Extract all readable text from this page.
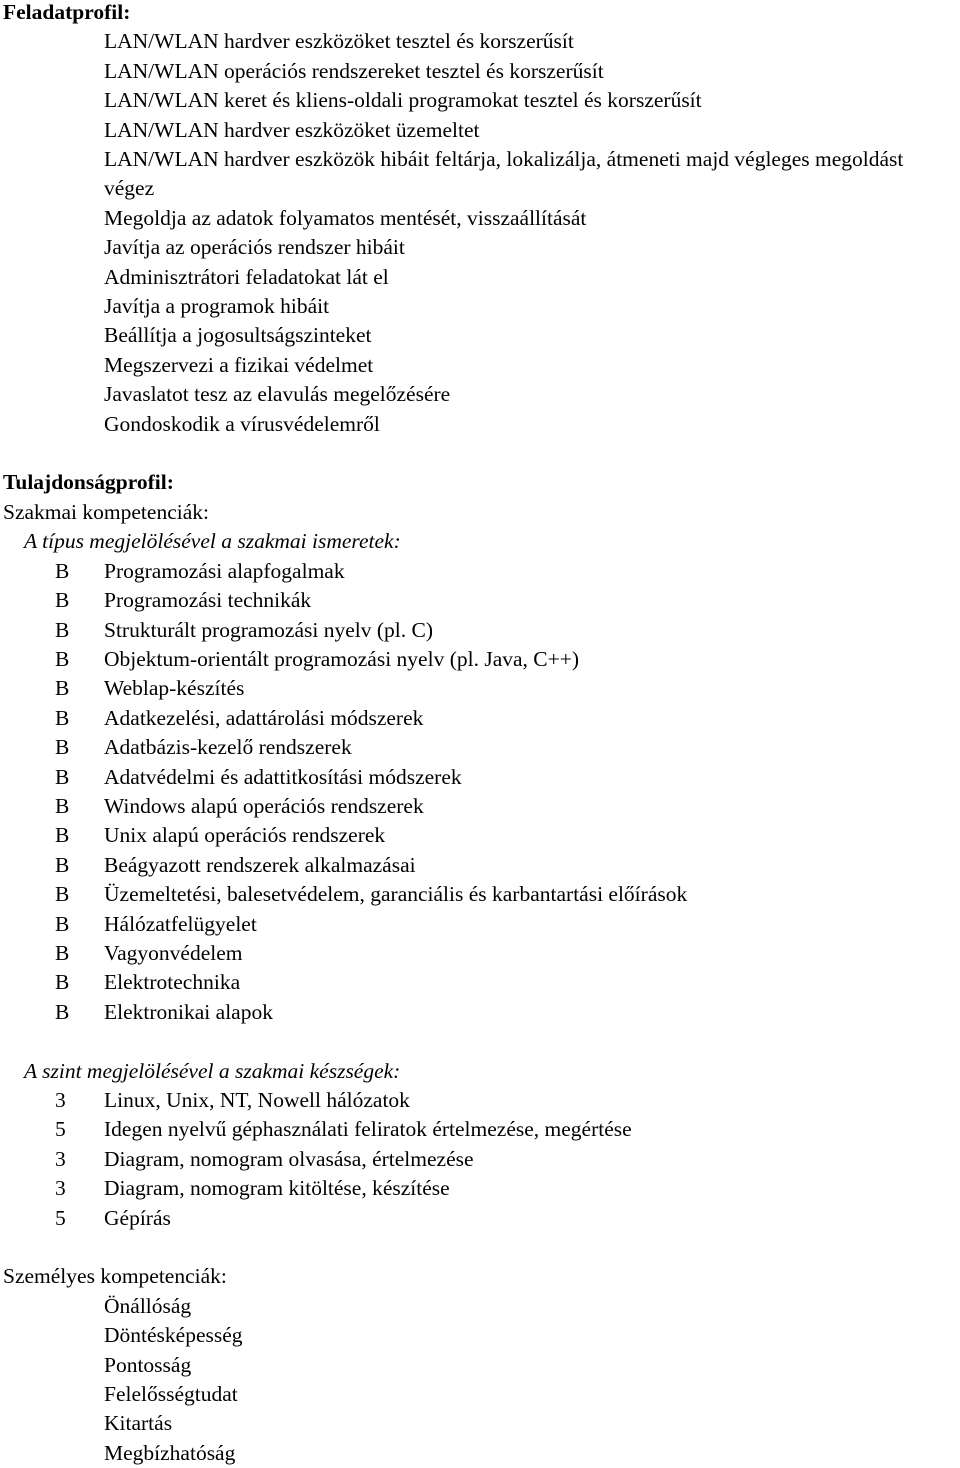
Feladatprofil:
LAN/WLAN hardver eszközöket tesztel és korszerűsít
LAN/WLAN operációs rendszereket tesztel és korszerűsít
LAN/WLAN keret és kliens-oldali programokat tesztel és korszerűsít
LAN/WLAN hardver eszközöket üzemeltet
LAN/WLAN hardver eszközök hibáit feltárja, lokalizálja, átmeneti majd végleges megoldást végez
Megoldja az adatok folyamatos mentését, visszaállítását
Javítja az operációs rendszer hibáit
Adminisztrátori feladatokat lát el
Javítja a programok hibáit
Beállítja a jogosultságszinteket
Megszervezi a fizikai védelmet
Javaslatot tesz az elavulás megelőzésére
Gondoskodik a vírusvédelemről
Tulajdonságprofil:
Szakmai kompetenciák:
A típus megjelölésével a szakmai ismeretek:
B Programozási alapfogalmak
B Programozási technikák
B Strukturált programozási nyelv (pl. C)
B Objektum-orientált programozási nyelv (pl. Java, C++)
B Weblap-készítés
B Adatkezelési, adattárolási módszerek
B Adatbázis-kezelő rendszerek
B Adatvédelmi és adattitkosítási módszerek
B Windows alapú operációs rendszerek
B Unix alapú operációs rendszerek
B Beágyazott rendszerek alkalmazásai
B Üzemeltetési, balesetvédelem, garanciális és karbantartási előírások
B Hálózatfelügyelet
B Vagyonvédelem
B Elektrotechnika
B Elektronikai alapok
A szint megjelölésével a szakmai készségek:
3 Linux, Unix, NT, Nowell hálózatok
5 Idegen nyelvű géphasználati feliratok értelmezése, megértése
3 Diagram, nomogram olvasása, értelmezése
3 Diagram, nomogram kitöltése, készítése
5 Gépírás
Személyes kompetenciák:
Önállóság
Döntésképesség
Pontosság
Felelősségtudat
Kitartás
Megbízhatóság
